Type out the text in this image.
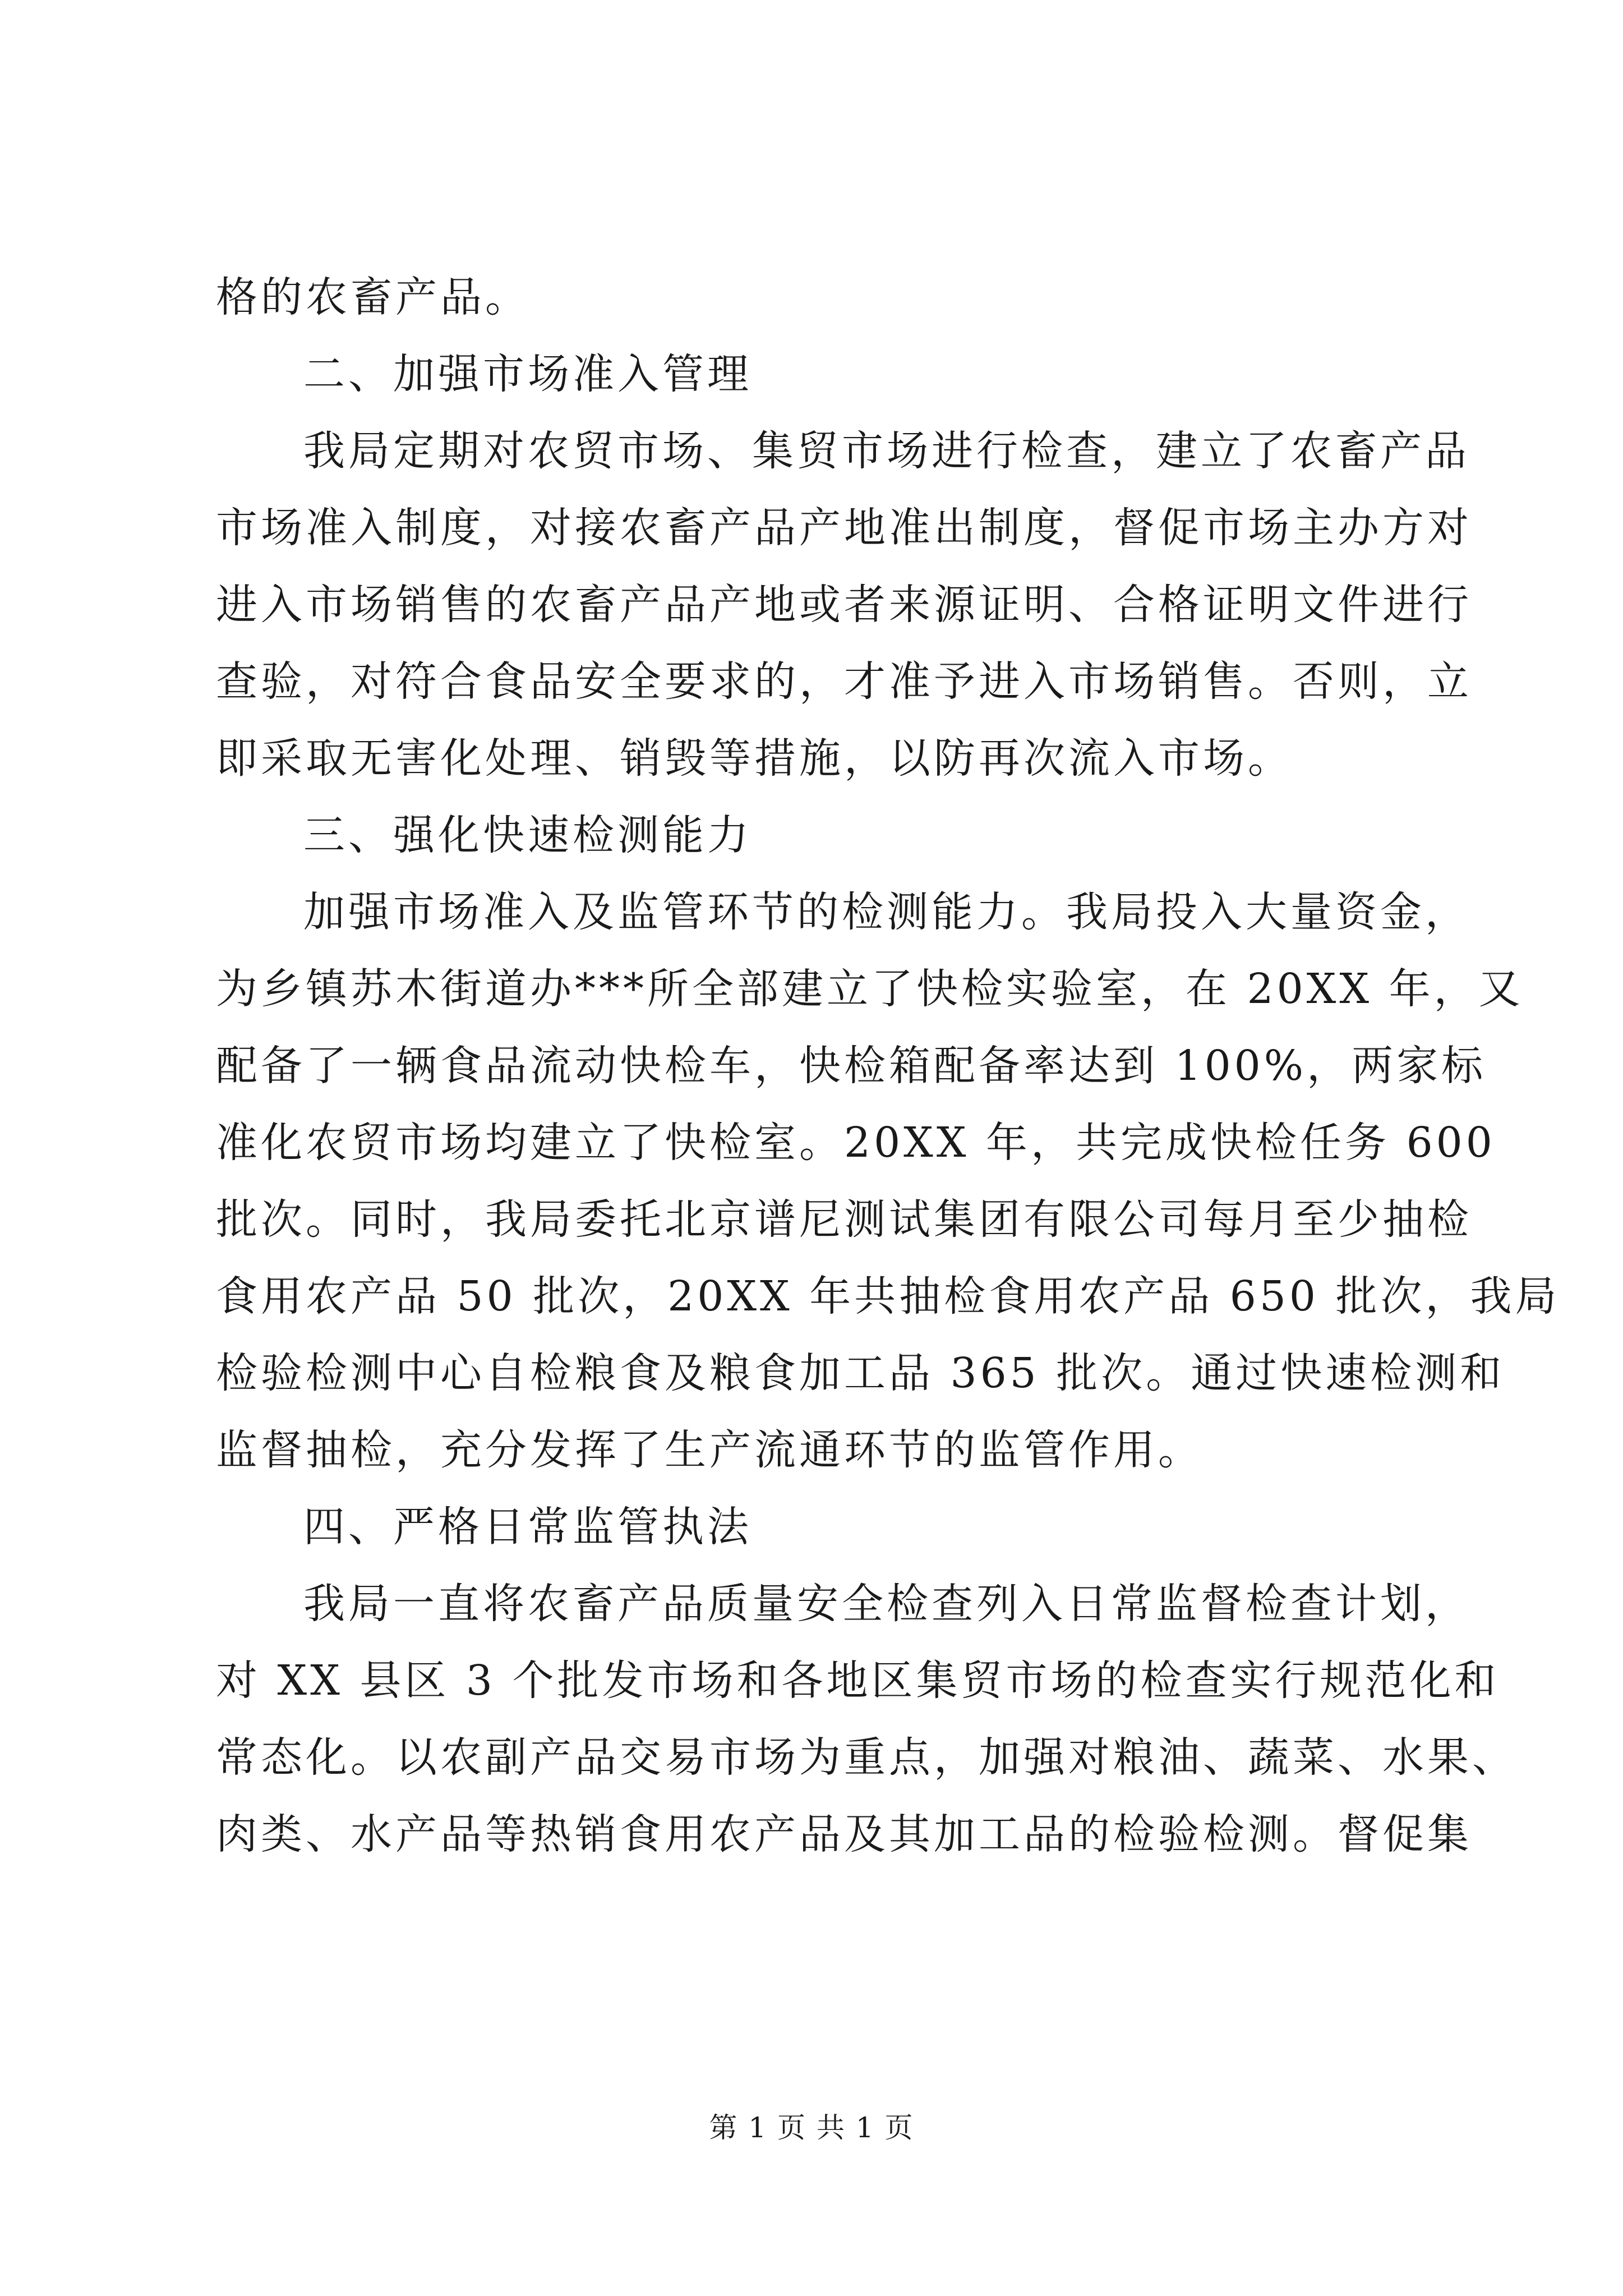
格的农畜产品。
二、加强市场准入管理
我局定期对农贸市场、集贸市场进行检查，建立了农畜产品
市场准入制度，对接农畜产品产地准出制度，督促市场主办方对
进入市场销售的农畜产品产地或者来源证明、合格证明文件进行
查验，对符合食品安全要求的，才准予进入市场销售。否则，立
即采取无害化处理、销毁等措施，以防再次流入市场。
三、强化快速检测能力
加强市场准入及监管环节的检测能力。我局投入大量资金，
为乡镇苏木街道办***所全部建立了快检实验室，在 20XX 年，又
配备了一辆食品流动快检车，快检箱配备率达到 100%，两家标
准化农贸市场均建立了快检室。20XX 年，共完成快检任务 600
批次。同时，我局委托北京谱尼测试集团有限公司每月至少抽检
食用农产品 50 批次，20XX 年共抽检食用农产品 650 批次，我局
检验检测中心自检粮食及粮食加工品 365 批次。通过快速检测和
监督抽检，充分发挥了生产流通环节的监管作用。
四、严格日常监管执法
我局一直将农畜产品质量安全检查列入日常监督检查计划，
对 XX 县区 3 个批发市场和各地区集贸市场的检查实行规范化和
常态化。以农副产品交易市场为重点，加强对粮油、蔬菜、水果、
肉类、水产品等热销食用农产品及其加工品的检验检测。督促集
第 1 页 共 1 页
